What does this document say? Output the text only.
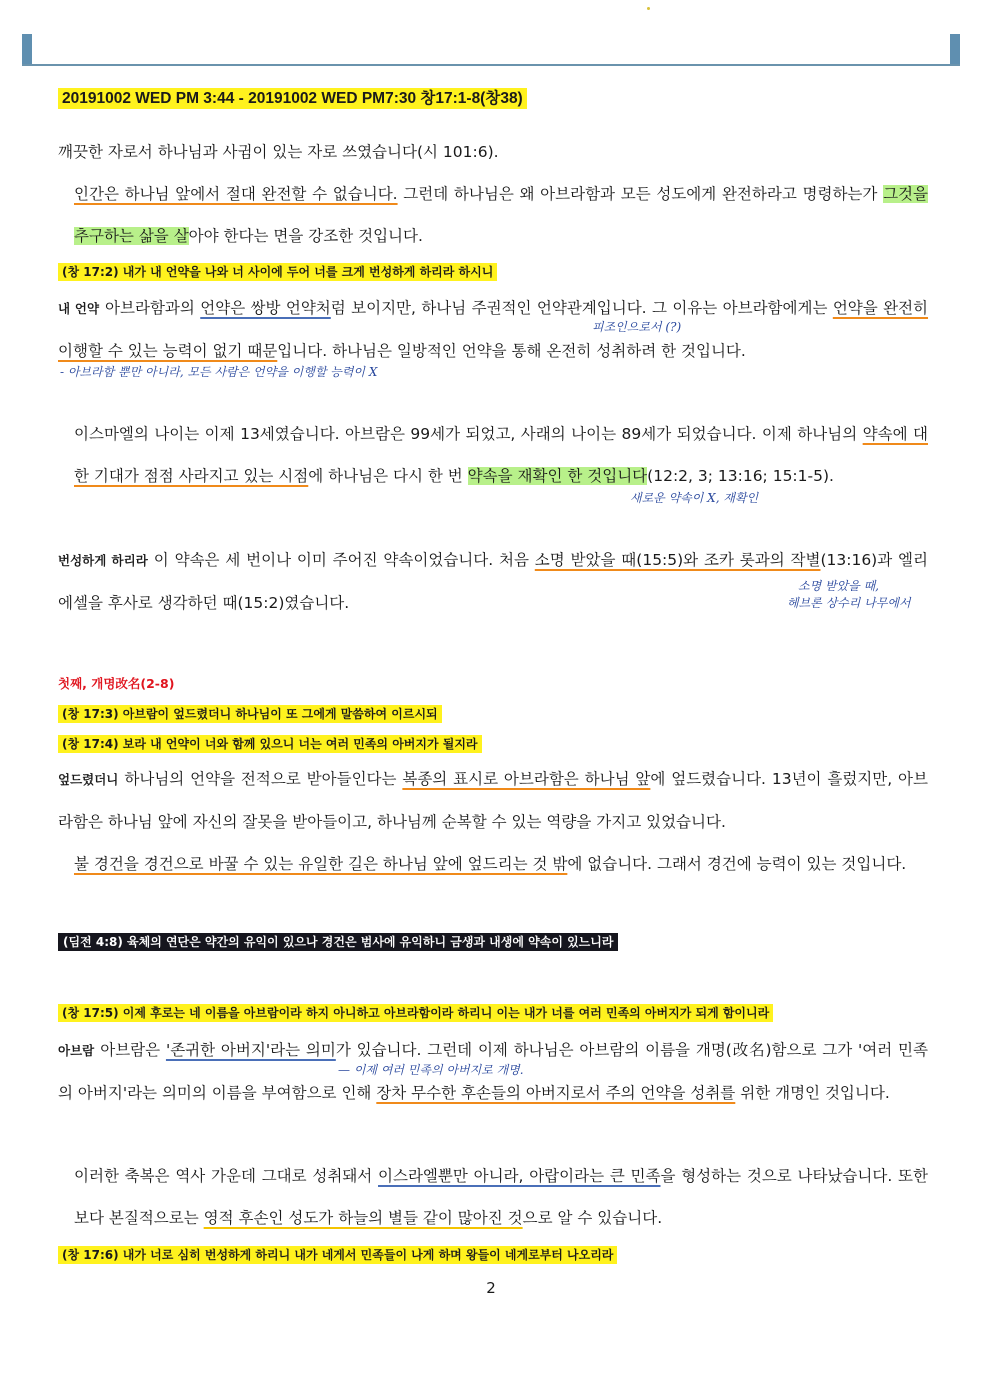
20191002 WED PM 3:44 - 20191002 WED PM7:30 창17:1-8(창38)
깨끗한 자로서 하나님과 사귐이 있는 자로 쓰였습니다(시 101:6).
인간은 하나님 앞에서 절대 완전할 수 없습니다. 그런데 하나님은 왜 아브라함과 모든 성도에게 완전하라고 명령하는가 그것을 추구하는 삶을 살아야 한다는 면을 강조한 것입니다.
(창 17:2) 내가 내 언약을 나와 너 사이에 두어 너를 크게 번성하게 하리라 하시니
내 언약 아브라함과의 언약은 쌍방 언약처럼 보이지만, 하나님 주권적인 언약관계입니다. 그 이유는 아브라함에게는 언약을 완전히 이행할 수 있는 능력이 없기 때문입니다. 하나님은 일방적인 언약을 통해 온전히 성취하려 한 것입니다.
이스마엘의 나이는 이제 13세였습니다. 아브람은 99세가 되었고, 사래의 나이는 89세가 되었습니다. 이제 하나님의 약속에 대한 기대가 점점 사라지고 있는 시점에 하나님은 다시 한 번 약속을 재확인 한 것입니다(12:2, 3; 13:16; 15:1-5).
번성하게 하리라 이 약속은 세 번이나 이미 주어진 약속이었습니다. 처음 소명 받았을 때(15:5)와 조카 롯과의 작별(13:16)과 엘리에셀을 후사로 생각하던 때(15:2)였습니다.
첫째, 개명改名(2-8)
(창 17:3) 아브람이 엎드렸더니 하나님이 또 그에게 말씀하여 이르시되
(창 17:4) 보라 내 언약이 너와 함께 있으니 너는 여러 민족의 아버지가 될지라
엎드렸더니 하나님의 언약을 전적으로 받아들인다는 복종의 표시로 아브라함은 하나님 앞에 엎드렸습니다. 13년이 흘렀지만, 아브라함은 하나님 앞에 자신의 잘못을 받아들이고, 하나님께 순복할 수 있는 역량을 가지고 있었습니다.
불 경건을 경건으로 바꿀 수 있는 유일한 길은 하나님 앞에 엎드리는 것 밖에 없습니다. 그래서 경건에 능력이 있는 것입니다.
(딤전 4:8) 육체의 연단은 약간의 유익이 있으나 경건은 범사에 유익하니 금생과 내생에 약속이 있느니라
(창 17:5) 이제 후로는 네 이름을 아브람이라 하지 아니하고 아브라함이라 하리니 이는 내가 너를 여러 민족의 아버지가 되게 함이니라
아브람 아브람은 '존귀한 아버지'라는 의미가 있습니다. 그런데 이제 하나님은 아브람의 이름을 개명(改名)함으로 그가 '여러 민족의 아버지'라는 의미의 이름을 부여함으로 인해 장차 무수한 후손들의 아버지로서 주의 언약을 성취를 위한 개명인 것입니다.
이러한 축복은 역사 가운데 그대로 성취돼서 이스라엘뿐만 아니라, 아랍이라는 큰 민족을 형성하는 것으로 나타났습니다. 또한 보다 본질적으로는 영적 후손인 성도가 하늘의 별들 같이 많아진 것으로 알 수 있습니다.
(창 17:6) 내가 너로 심히 번성하게 하리니 내가 네게서 민족들이 나게 하며 왕들이 네게로부터 나오리라
피조인으로서 (?)
- 아브라함 뿐만 아니라, 모든 사람은 언약을 이행할 능력이 X
새로운 약속이 X, 재확인
소명 받았을 때,
헤브론 상수리 나무에서
— 이제 여러 민족의 아버지로 개명.
2
